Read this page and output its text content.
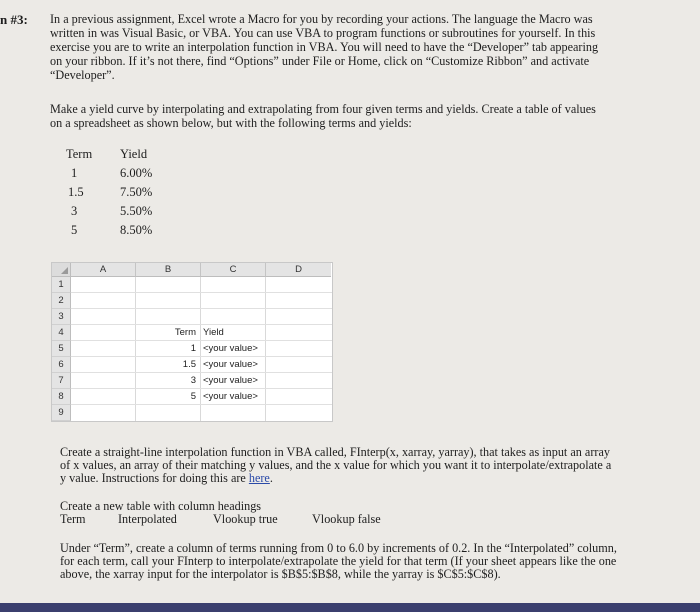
n #3: In a previous assignment, Excel wrote a Macro for you by recording your actions. The language the Macro was

written in was Visual Basic, or VBA. You can use VBA to program functions or subroutines for yourself. In this

exercise you are to write an interpolation function in VBA. You will need to have the “Developer” tab appearing

on your ribbon. If it’s not there, find “Options” under File or Home, click on “Customize Ribbon” and activate

“Developer”.

Make a yield curve by interpolating and extrapolating from four given terms and yields. Create a table of values

on a spreadsheet as shown below, but with the following terms and yields:

Term Yield
1	6.00%
1.5	7.50%
3	5.50%
5	8.50%
A	B	C	D
1
2
3
4
5
6
7
8
9
Term Yield
1 <your value>
1.5 <your value>
3 <your value>
5 <your value>

Create a straight-line interpolation function in VBA called, FInterp(x, xarray, yarray), that takes as input an array

of x values, an array of their matching y values, and the x value for which you want it to interpolate/extrapolate a

y value. Instructions for doing this are here.

Create a new table with column headings

Term	Interpolated	Vlookup true	Vlookup false

Under “Term”, create a column of terms running from 0 to 6.0 by increments of 0.2. In the “Interpolated” column,

for each term, call your FInterp to interpolate/extrapolate the yield for that term (If your sheet appears like the one

above, the xarray input for the interpolator is $B$5:$B$8, while the yarray is $C$5:$C$8).
